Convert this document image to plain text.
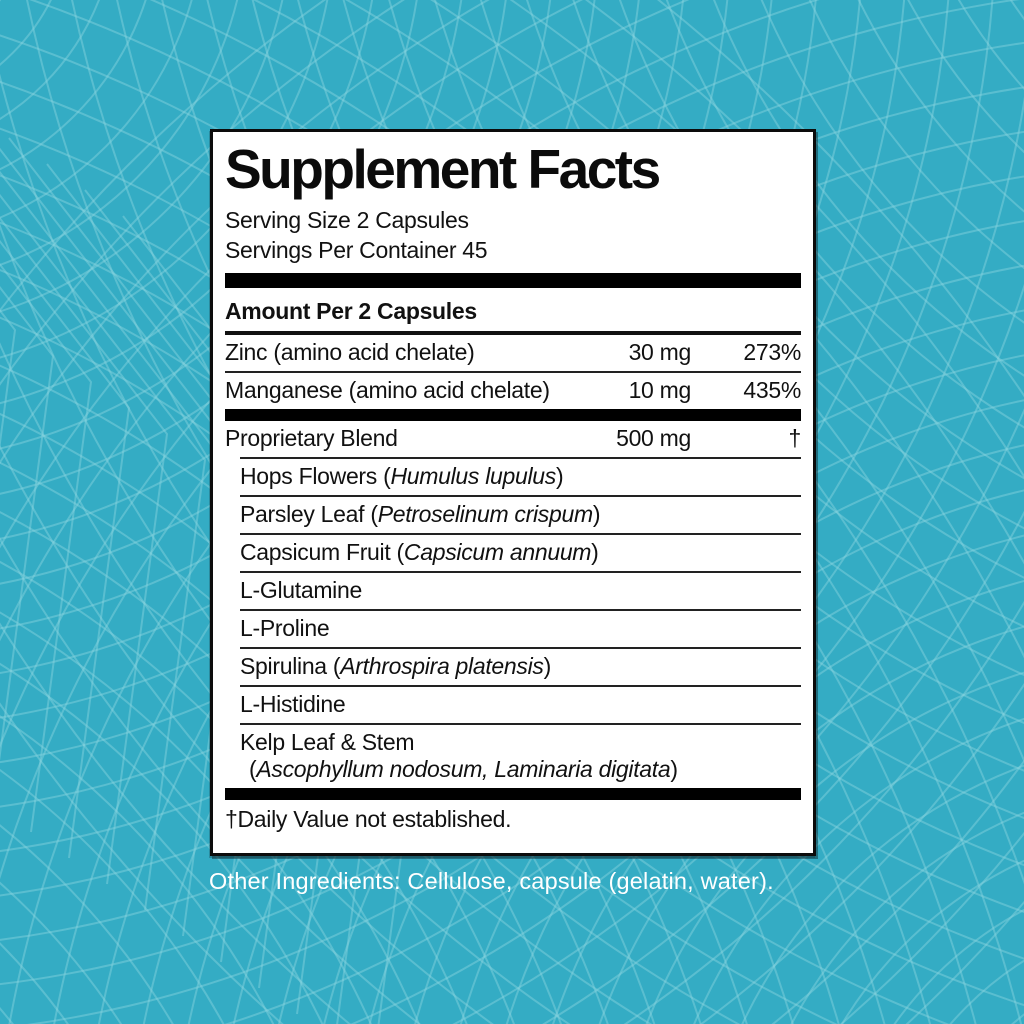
Supplement Facts
Serving Size 2 Capsules
Servings Per Container 45
Amount Per 2 Capsules
Zinc (amino acid chelate)	30 mg	273%
Manganese (amino acid chelate)	10 mg	435%
Proprietary Blend	500 mg	†
Hops Flowers (Humulus lupulus)
Parsley Leaf (Petroselinum crispum)
Capsicum Fruit (Capsicum annuum)
L-Glutamine
L-Proline
Spirulina (Arthrospira platensis)
L-Histidine
Kelp Leaf & Stem
(Ascophyllum nodosum, Laminaria digitata)
†Daily Value not established.
Other Ingredients: Cellulose, capsule (gelatin, water).
